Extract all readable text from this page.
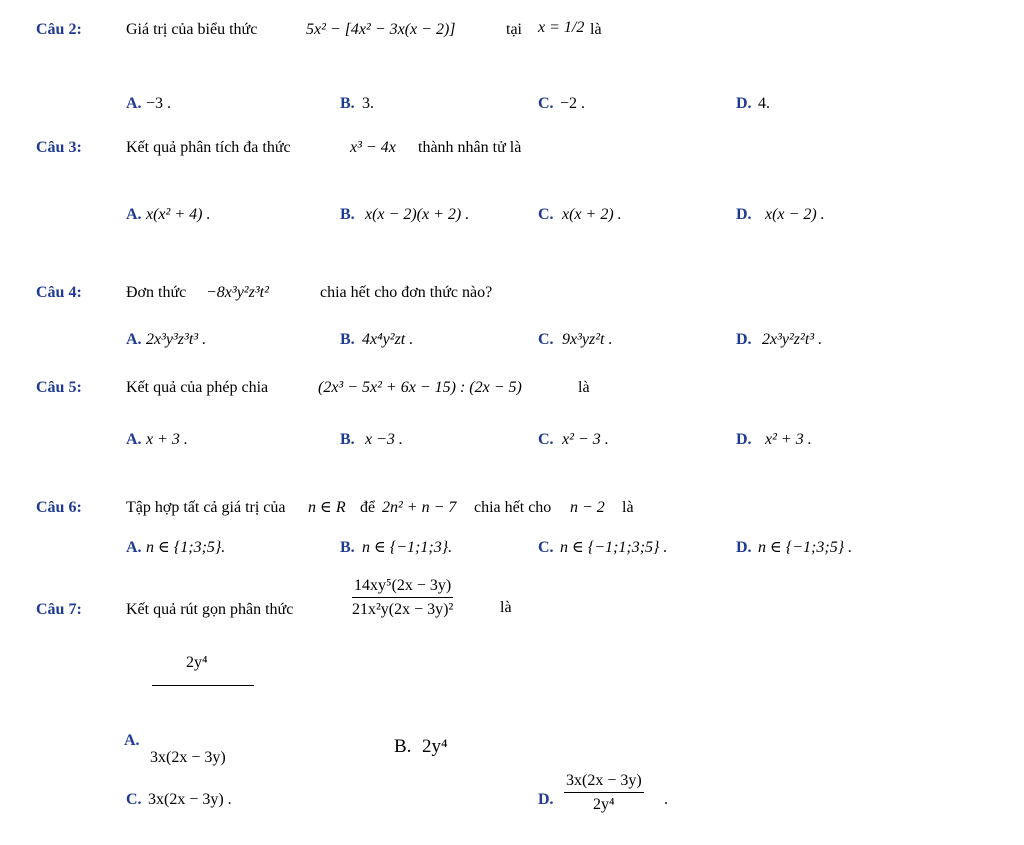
Câu 2:	Giá trị của biểu thức	5x² − [4x² − 3x(x − 2)]	tại x = 1/2 là
A. −3 .	B. 3.	C. −2 .	D. 4.
Câu 3:	Kết quả phân tích đa thức	x³ − 4x thành nhân tử là
A. x(x² + 4) .	B. x(x − 2)(x + 2) .	C. x(x + 2) .	D. x(x − 2) .
Câu 4:	Đơn thức −8x³y²z³t²	chia hết cho đơn thức nào?
A. 2x³y³z³t³ .	B. 4x⁴y²zt .	C. 9x³yz²t .	D. 2x³y²z²t³ .
Câu 5:	Kết quả của phép chia	(2x³ − 5x² + 6x − 15) : (2x − 5)	là
A. x + 3 .	B. x −3 .	C. x² − 3 .	D. x² + 3 .
Câu 6:	Tập hợp tất cả giá trị của n ∈ R để 2n² + n − 7 chia hết cho n − 2 là
A. n ∈ {1;3;5}.	B. n ∈ {−1;1;3}.	C. n ∈ {−1;1;3;5} .	D. n ∈ {−1;3;5} .
Câu 7:	Kết quả rút gọn phân thức	$\frac{\text{14xy⁵(2x − 3y)}}{\text{21x²y(2x − 3y)²}}$	là
2y⁴
A.
3x(2x − 3y)
B. 2y⁴
C. 3x(2x − 3y) .	D. $\frac{3x(2x - 3y)}{\text{2y⁴}}$ .
